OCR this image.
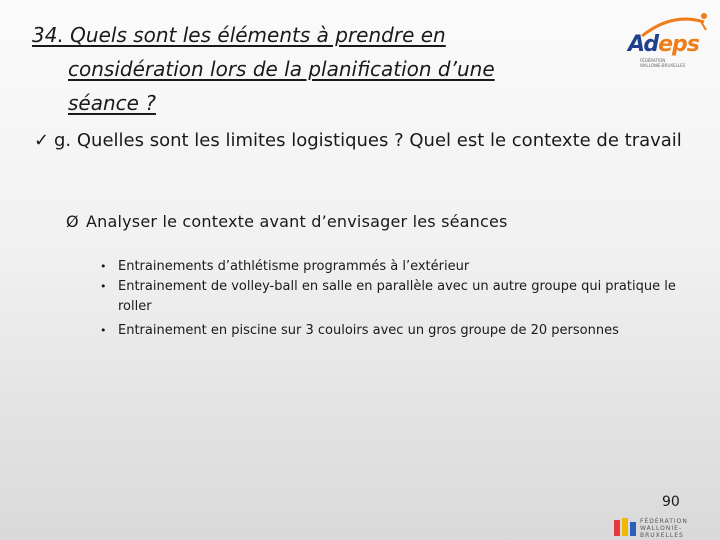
34. Quels sont les éléments à prendre en
considération lors de la planification d’une
séance ?
Adeps
FÉDÉRATION
WALLONIE-BRUXELLES
✓ g. Quelles sont les limites logistiques ? Quel est le contexte de travail
Ø Analyser le contexte avant d’envisager les séances
• Entrainements d’athlétisme programmés à l’extérieur
• Entrainement de volley-ball en salle en parallèle avec un autre groupe qui pratique le roller
• Entrainement en piscine sur 3 couloirs avec un gros groupe de 20 personnes
90
FÉDÉRATION
WALLONIE-BRUXELLES
